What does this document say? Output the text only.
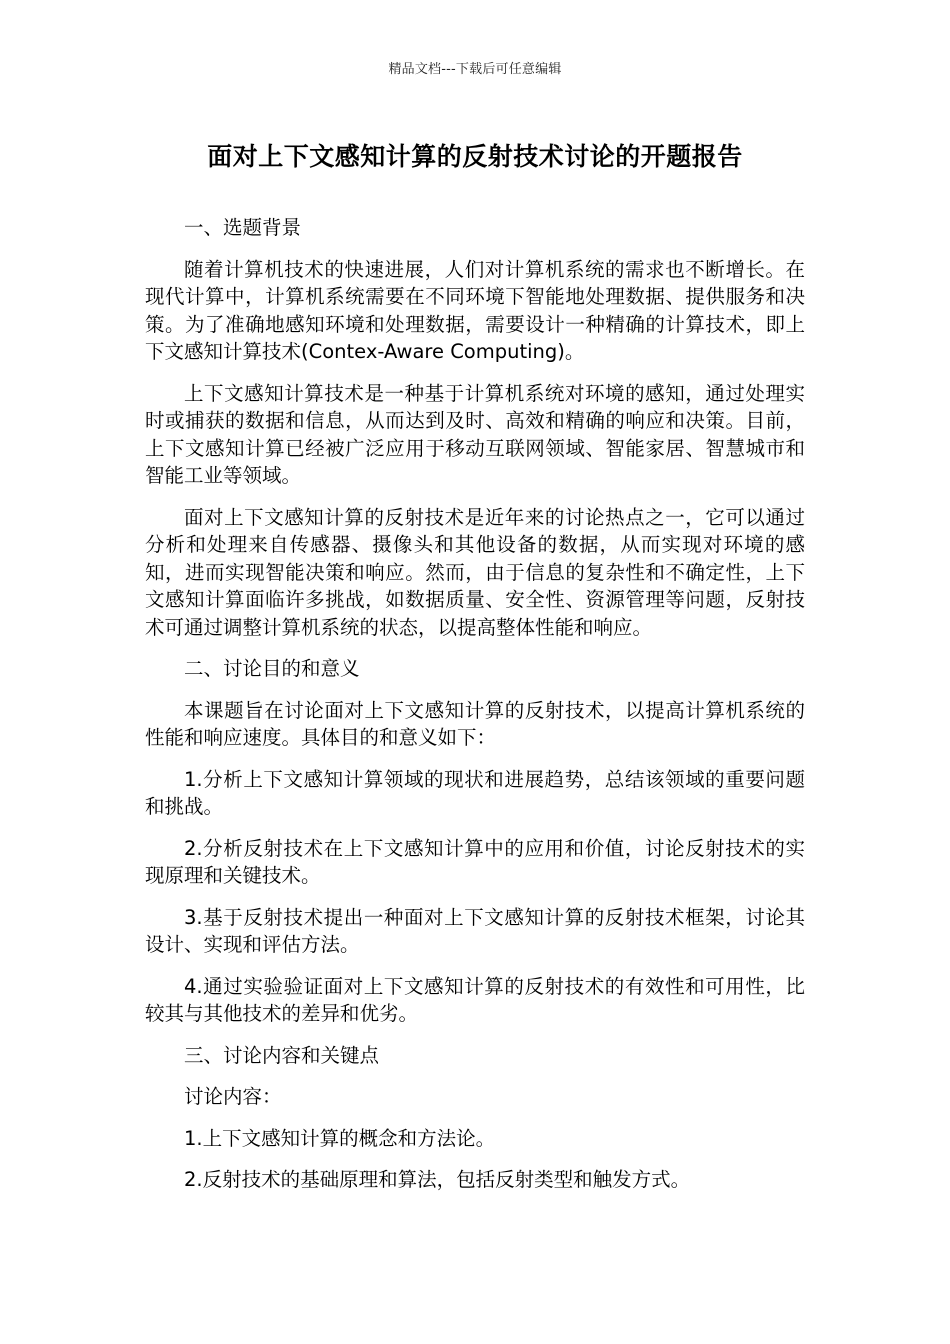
精品文档---下载后可任意编辑
面对上下文感知计算的反射技术讨论的开题报告

一、选题背景

随着计算机技术的快速进展，人们对计算机系统的需求也不断增长。在现代计算中，计算机系统需要在不同环境下智能地处理数据、提供服务和决策。为了准确地感知环境和处理数据，需要设计一种精确的计算技术，即上下文感知计算技术(Contex-Aware Computing)。

上下文感知计算技术是一种基于计算机系统对环境的感知，通过处理实时或捕获的数据和信息，从而达到及时、高效和精确的响应和决策。目前，上下文感知计算已经被广泛应用于移动互联网领域、智能家居、智慧城市和智能工业等领域。

面对上下文感知计算的反射技术是近年来的讨论热点之一，它可以通过分析和处理来自传感器、摄像头和其他设备的数据，从而实现对环境的感知，进而实现智能决策和响应。然而，由于信息的复杂性和不确定性，上下文感知计算面临许多挑战，如数据质量、安全性、资源管理等问题，反射技术可通过调整计算机系统的状态，以提高整体性能和响应。

二、讨论目的和意义

本课题旨在讨论面对上下文感知计算的反射技术，以提高计算机系统的性能和响应速度。具体目的和意义如下：

1.分析上下文感知计算领域的现状和进展趋势，总结该领域的重要问题和挑战。

2.分析反射技术在上下文感知计算中的应用和价值，讨论反射技术的实现原理和关键技术。

3.基于反射技术提出一种面对上下文感知计算的反射技术框架，讨论其设计、实现和评估方法。

4.通过实验验证面对上下文感知计算的反射技术的有效性和可用性，比较其与其他技术的差异和优劣。

三、讨论内容和关键点

讨论内容：

1.上下文感知计算的概念和方法论。

2.反射技术的基础原理和算法，包括反射类型和触发方式。
